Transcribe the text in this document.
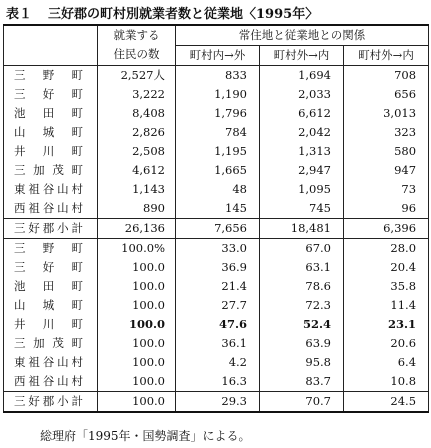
表１ 三好郡の町村別就業者数と従業地〈1995年〉

	就業する
住民の数	常住地と従業地との関係		
		町村内→外	町村外→内	町村外→内
三　野　町	2,527人	833	1,694	708
三　好　町	3,222	1,190	2,033	656
池　田　町	8,408	1,796	6,612	3,013
山　城　町	2,826	784	2,042	323
井　川　町	2,508	1,195	1,313	580
三加茂町	4,612	1,665	2,947	947
東祖谷山村	1,143	48	1,095	73
西祖谷山村	890	145	745	96
三好郡小計	26,136	7,656	18,481	6,396
三　野　町	100.0%	33.0	67.0	28.0
三　好　町	100.0	36.9	63.1	20.4
池　田　町	100.0	21.4	78.6	35.8
山　城　町	100.0	27.7	72.3	11.4
井　川　町	100.0	47.6	52.4	23.1
三加茂町	100.0	36.1	63.9	20.6
東祖谷山村	100.0	4.2	95.8	6.4
西祖谷山村	100.0	16.3	83.7	10.8
三好郡小計	100.0	29.3	70.7	24.5
総理府「1995年・国勢調査」による。
